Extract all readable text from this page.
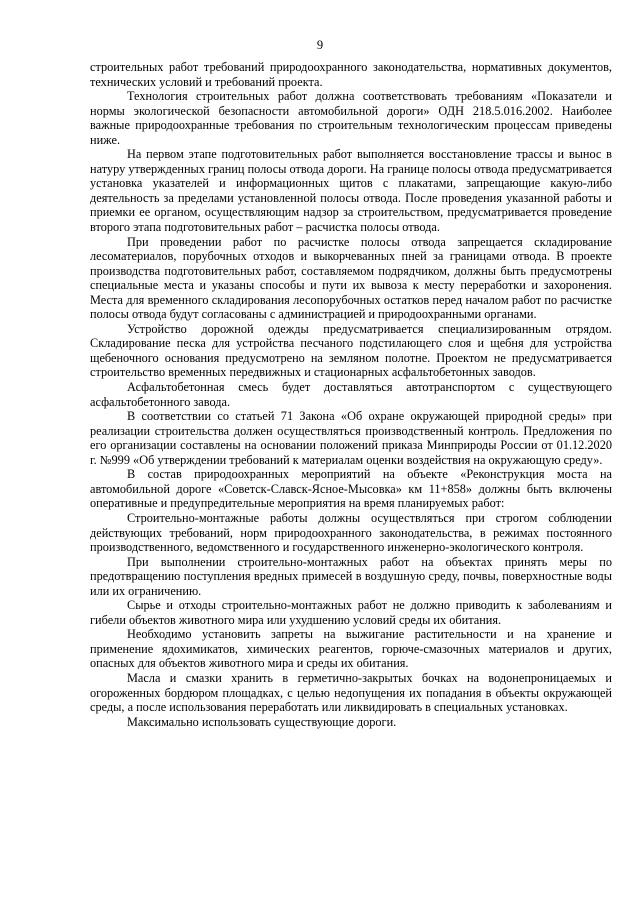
9

строительных работ требований природоохранного законодательства, нормативных документов, технических условий и требований проекта.

Технология строительных работ должна соответствовать требованиям «Показатели и нормы экологической безопасности автомобильной дороги» ОДН 218.5.016.2002. Наиболее важные природоохранные требования по строительным технологическим процессам приведены ниже.

На первом этапе подготовительных работ выполняется восстановление трассы и вынос в натуру утвержденных границ полосы отвода дороги. На границе полосы отвода предусматривается установка указателей и информационных щитов с плакатами, запрещающие какую-либо деятельность за пределами установленной полосы отвода. После проведения указанной работы и приемки ее органом, осуществляющим надзор за строительством, предусматривается проведение второго этапа подготовительных работ – расчистка полосы отвода.

При проведении работ по расчистке полосы отвода запрещается складирование лесоматериалов, порубочных отходов и выкорчеванных пней за границами отвода. В проекте производства подготовительных работ, составляемом подрядчиком, должны быть предусмотрены специальные места и указаны способы и пути их вывоза к месту переработки и захоронения. Места для временного складирования лесопорубочных остатков перед началом работ по расчистке полосы отвода будут согласованы с администрацией и природоохранными органами.

Устройство дорожной одежды предусматривается специализированным отрядом. Складирование песка для устройства песчаного подстилающего слоя и щебня для устройства щебеночного основания предусмотрено на земляном полотне. Проектом не предусматривается строительство временных передвижных и стационарных асфальтобетонных заводов.

Асфальтобетонная смесь будет доставляться автотранспортом с существующего асфальтобетонного завода.

В соответствии со статьей 71 Закона «Об охране окружающей природной среды» при реализации строительства должен осуществляться производственный контроль. Предложения по его организации составлены на основании положений приказа Минприроды России от 01.12.2020 г. №999 «Об утверждении требований к материалам оценки воздействия на окружающую среду».

В состав природоохранных мероприятий на объекте «Реконструкция моста на автомобильной дороге «Советск-Славск-Ясное-Мысовка» км 11+858» должны быть включены оперативные и предупредительные мероприятия на время планируемых работ:

Строительно-монтажные работы должны осуществляться при строгом соблюдении действующих требований, норм природоохранного законодательства, в режимах постоянного производственного, ведомственного и государственного инженерно-экологического контроля.

При выполнении строительно-монтажных работ на объектах принять меры по предотвращению поступления вредных примесей в воздушную среду, почвы, поверхностные воды или их ограничению.

Сырье и отходы строительно-монтажных работ не должно приводить к заболеваниям и гибели объектов животного мира или ухудшению условий среды их обитания.

Необходимо установить запреты на выжигание растительности и на хранение и применение ядохимикатов, химических реагентов, горюче-смазочных материалов и других, опасных для объектов животного мира и среды их обитания.

Масла и смазки хранить в герметично-закрытых бочках на водонепроницаемых и огороженных бордюром площадках, с целью недопущения их попадания в объекты окружающей среды, а после использования переработать или ликвидировать в специальных установках.

Максимально использовать существующие дороги.
